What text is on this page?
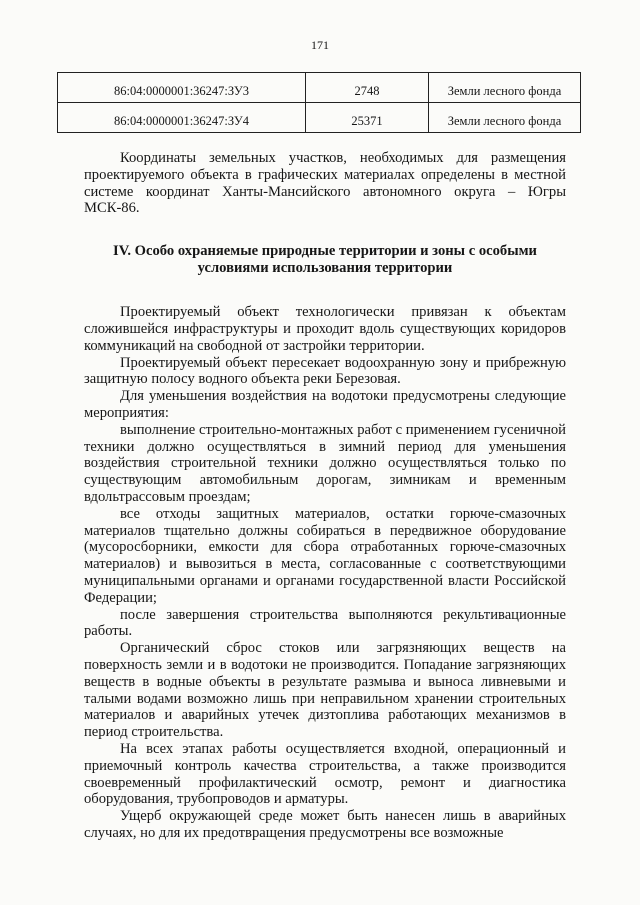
171
86:04:0000001:36247:ЗУ3	2748	Земли лесного фонда
86:04:0000001:36247:ЗУ4	25371	Земли лесного фонда

Координаты земельных участков, необходимых для размещения проектируемого объекта в графических материалах определены в местной системе координат Ханты-Мансийского автономного округа – Югры МСК-86.

IV. Особо охраняемые природные территории и зоны с особыми условиями использования территории

Проектируемый объект технологически привязан к объектам сложившейся инфраструктуры и проходит вдоль существующих коридоров коммуникаций на свободной от застройки территории.

Проектируемый объект пересекает водоохранную зону и прибрежную защитную полосу водного объекта реки Березовая.

Для уменьшения воздействия на водотоки предусмотрены следующие мероприятия:

выполнение строительно-монтажных работ с применением гусеничной техники должно осуществляться в зимний период для уменьшения воздействия строительной техники должно осуществляться только по существующим автомобильным дорогам, зимникам и временным вдольтрассовым проездам;

все отходы защитных материалов, остатки горюче-смазочных материалов тщательно должны собираться в передвижное оборудование (мусоросборники, емкости для сбора отработанных горюче-смазочных материалов) и вывозиться в места, согласованные с соответствующими муниципальными органами и органами государственной власти Российской Федерации;

после завершения строительства выполняются рекультивационные работы.

Органический сброс стоков или загрязняющих веществ на поверхность земли и в водотоки не производится. Попадание загрязняющих веществ в водные объекты в результате размыва и выноса ливневыми и талыми водами возможно лишь при неправильном хранении строительных материалов и аварийных утечек дизтоплива работающих механизмов в период строительства.

На всех этапах работы осуществляется входной, операционный и приемочный контроль качества строительства, а также производится своевременный профилактический осмотр, ремонт и диагностика оборудования, трубопроводов и арматуры.

Ущерб окружающей среде может быть нанесен лишь в аварийных случаях, но для их предотвращения предусмотрены все возможные
